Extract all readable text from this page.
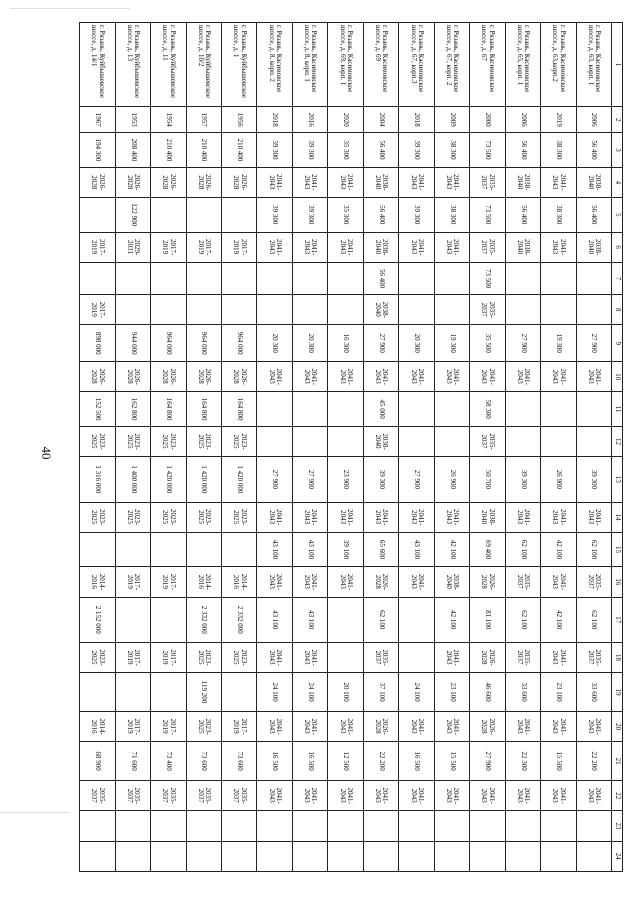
40
1	2	3	4	5	6	7	8	9	10	11	12	13	14	15	16	17	18	19	20	21	22	23	24
г. Рязань, Касимовское шоссе, д. 63, корп. 1	2006	56 400	2038-2040	56 400	2038-2040			27 900	2041-2043			39 300	2041-2043	62 100	2035-2037	62 100	2035-2037	33 600	2041-2043	22 200	2041-2043		
г. Рязань, Касимовское шоссе, д. 63,корп.2	2019	38 300	2041-2043	38 300	2041-2043			19 300	2041-2043			26 900	2041-2043	42 100	2041-2043	42 100	2041-2043	23 100	2041-2043	15 500	2041-2043		
г. Рязань, Касимовское шоссе, д. 65, корп. 1	2006	56 400	2038-2040	56 400	2038-2040			27 900	2041-2043			39 300	2041-2043	62 100	2035-2037	62 100	2035-2037	33 600	2041-2043	22 300	2041-2043		
г. Рязань, Касимовское шоссе, д. 67	2000	73 500	2035-2037	73 500	2035-2037	73 500	2035-2037	35 500	2041-2043	58 300	2035-2037	50 700	2038-2040	69 400	2026-2028	81 100	2026-2028	46 600	2026-2028	27 900	2041-2043		
г. Рязань, Касимовское шоссе, д. 67, корп. 2	2009	38 300	2041-2043	38 300	2041-2043			19 300	2041-2043			26 900	2041-2043	42 100	2038-2040	42 100	2041-2043	23 100	2041-2043	15 500	2041-2043		
г. Рязань, Касимовское шоссе, д. 67, корп.3	2018	39 300	2041-2043	39 300	2041-2043			20 300	2041-2043			27 900	2041-2043	43 100	2041-2043			24 100	2041-2043	16 500	2041-2043		
г. Рязань, Касимовское шоссе, д. 69	2004	56 400	2038-2040	56 400	2038-2040	56 400	2038-2040	27 900	2041-2043	45 000	2038-2040	39 300	2041-2043	65 600	2026-2028	62 100	2035-2037	37 100	2026-2028	22 200	2041-2043		
г. Рязань, Касимовское шоссе, д. 69, корп. 1	2020	35 300	2041-2043	35 300	2041-2043			16 300	2041-2043			23 900	2041-2043	39 100	2041-2043			20 100	2041-2043	12 500	2041-2043		
г. Рязань, Касимовское шоссе, д. 8, корп. 1	2016	39 300	2041-2043	39 300	2041-2043			20 300	2041-2043			27 900	2041-2043	43 100	2041-2043	43 100	2041-2043	24 100	2041-2043	16 500	2041-2043		
г. Рязань, Касимовское шоссе, д. 8, корп. 2	2018	39 300	2041-2043	39 300	2041-2043			20 300	2041-2043			27 900	2041-2043	43 100	2041-2043	43 100	2041-2043	24 100	2041-2043	16 500	2041-2043		
г. Рязань, Куйбышевское шоссе, д. 1	1956	210 400	2026-2028		2017-2019			964 000	2026-2028	164 800	2023-2025	1 420 000	2023-2025		2014-2016	2 332 000	2023-2025		2017-2019	73 600	2035-2037		
г. Рязань, Куйбышевское шоссе, д. 10/2	1957	210 400	2026-2028		2017-2019			964 000	2026-2028	164 800	2023-2025	1 420 000	2023-2025		2014-2016	2 332 000	2023-2025	119 200	2023-2025	73 600	2035-2037		
г. Рязань, Куйбышевское шоссе, д. 11	1954	210 400	2026-2028		2017-2019			964 000	2026-2028	164 800	2023-2025	1 420 000	2023-2025		2017-2019		2017-2019		2017-2019	73 400	2035-2037		
г. Рязань, Куйбышевское шоссе, д. 13	1953	208 400	2026-2028	122 900	2029-2031			944 000	2026-2028	162 800	2023-2025	1 400 000	2023-2025		2017-2019		2017-2019		2017-2019	71 600	2035-2037		
г. Рязань, Куйбышевское шоссе, д. 14/1	1967	194 300	2026-2028		2017-2019		2017-2019	898 000	2026-2028	152 500	2023-2025	1 316 000	2023-2025		2014-2016	2 152 000	2023-2025		2014-2016	68 900	2035-2037		
